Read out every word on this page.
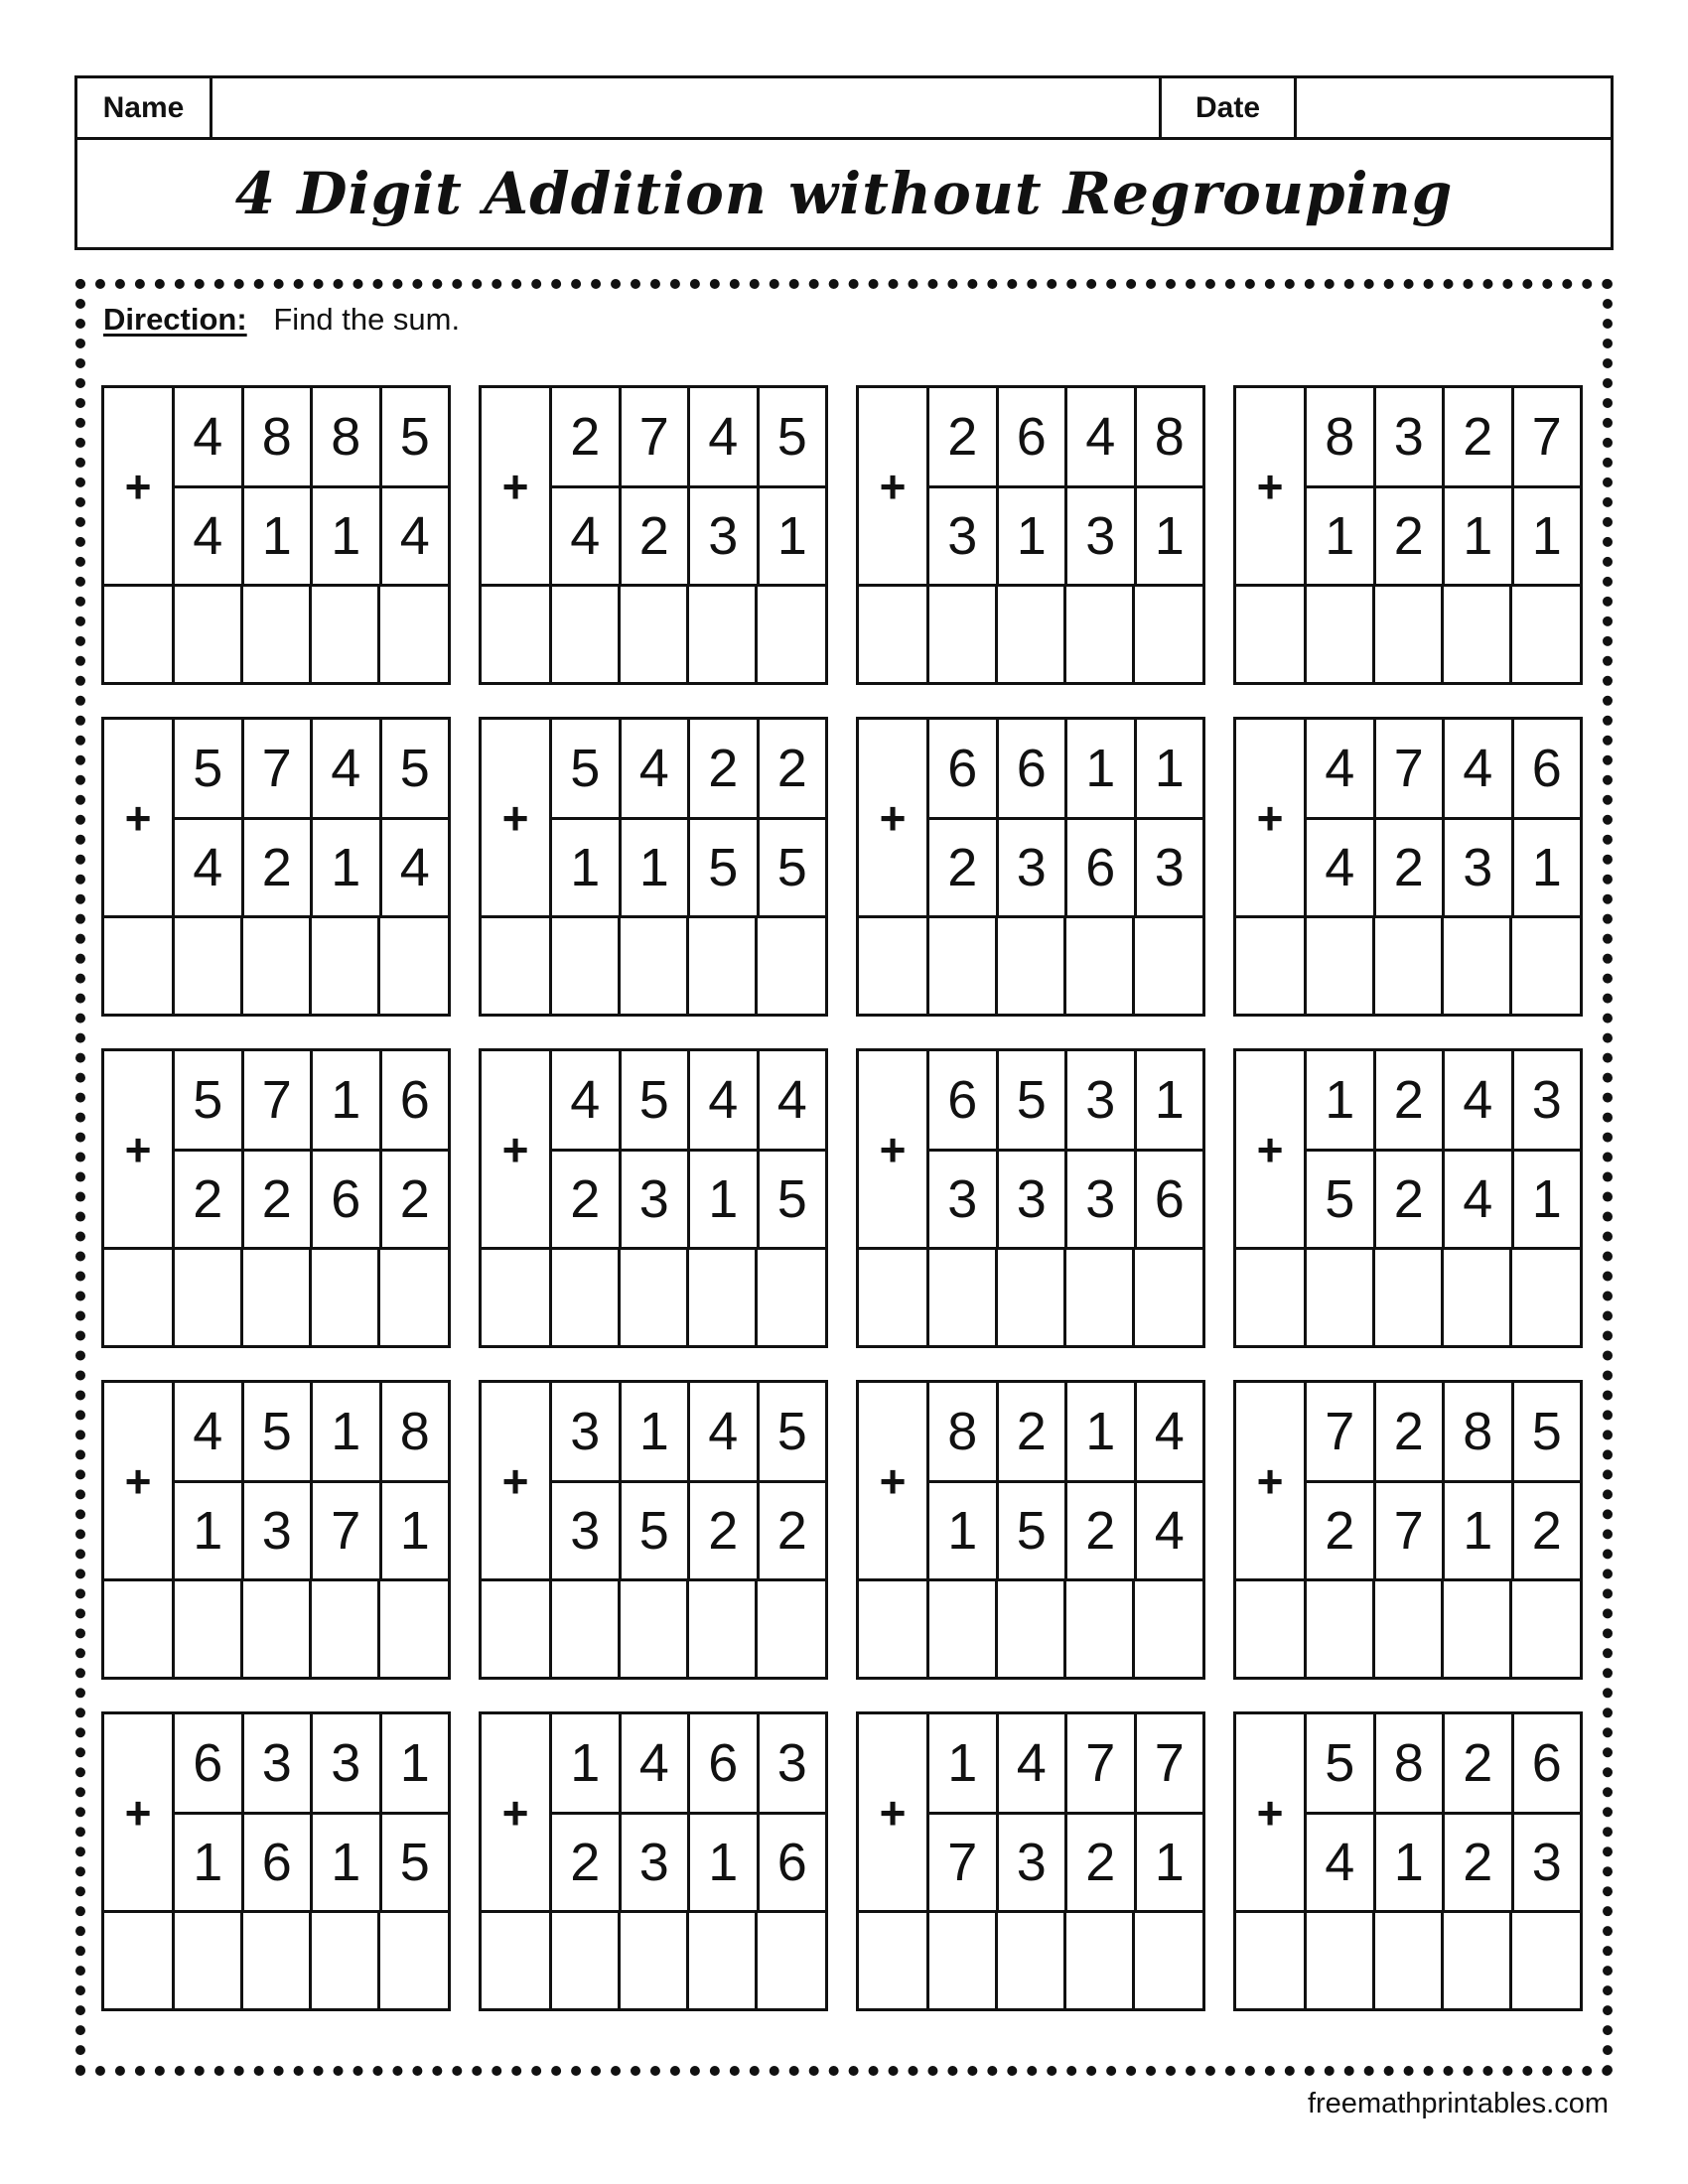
Name	Date
4 Digit Addition without Regrouping
Direction: Find the sum.
+
4 8 8 5
4 1 1 4
+
2 7 4 5
4 2 3 1
+
2 6 4 8
3 1 3 1
+
8 3 2 7
1 2 1 1
+
5 7 4 5
4 2 1 4
+
5 4 2 2
1 1 5 5
+
6 6 1 1
2 3 6 3
+
4 7 4 6
4 2 3 1
+
5 7 1 6
2 2 6 2
+
4 5 4 4
2 3 1 5
+
6 5 3 1
3 3 3 6
+
1 2 4 3
5 2 4 1
+
4 5 1 8
1 3 7 1
+
3 1 4 5
3 5 2 2
+
8 2 1 4
1 5 2 4
+
7 2 8 5
2 7 1 2
+
6 3 3 1
1 6 1 5
+
1 4 6 3
2 3 1 6
+
1 4 7 7
7 3 2 1
+
5 8 2 6
4 1 2 3
freemathprintables.com
